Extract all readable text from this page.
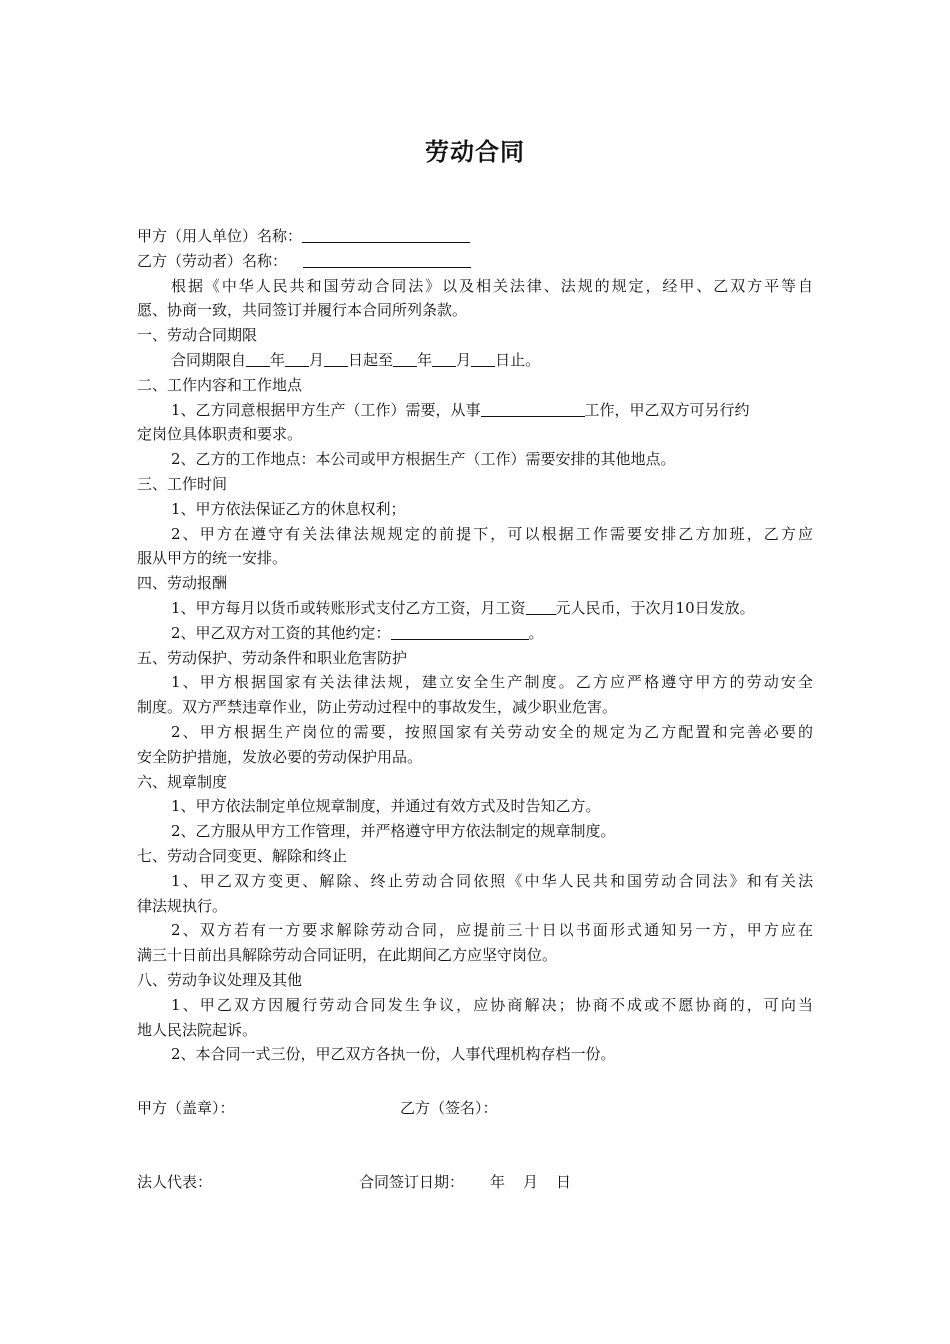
劳动合同
甲方（用人单位）名称：
乙方（劳动者）名称：
根据《中华人民共和国劳动合同法》以及相关法律、法规的规定，经甲、乙双方平等自
愿、协商一致，共同签订并履行本合同所列条款。
一、劳动合同期限
合同期限自 年 月 日起至 年 月 日止。
二、工作内容和工作地点
1、乙方同意根据甲方生产（工作）需要，从事	工作，甲乙双方可另行约
定岗位具体职责和要求。
2、乙方的工作地点：本公司或甲方根据生产（工作）需要安排的其他地点。
三、工作时间
1、甲方依法保证乙方的休息权利；
2、甲方在遵守有关法律法规规定的前提下，可以根据工作需要安排乙方加班，乙方应
服从甲方的统一安排。
四、劳动报酬
1、甲方每月以货币或转账形式支付乙方工资，月工资 元人民币，于次月10日发放。
2、甲乙双方对工资的其他约定：	。
五、劳动保护、劳动条件和职业危害防护
1、甲方根据国家有关法律法规，建立安全生产制度。乙方应严格遵守甲方的劳动安全
制度。双方严禁违章作业，防止劳动过程中的事故发生，减少职业危害。
2、甲方根据生产岗位的需要，按照国家有关劳动安全的规定为乙方配置和完善必要的
安全防护措施，发放必要的劳动保护用品。
六、规章制度
1、甲方依法制定单位规章制度，并通过有效方式及时告知乙方。
2、乙方服从甲方工作管理，并严格遵守甲方依法制定的规章制度。
七、劳动合同变更、解除和终止
1、甲乙双方变更、解除、终止劳动合同依照《中华人民共和国劳动合同法》和有关法
律法规执行。
2、双方若有一方要求解除劳动合同，应提前三十日以书面形式通知另一方，甲方应在
满三十日前出具解除劳动合同证明，在此期间乙方应坚守岗位。
八、劳动争议处理及其他
1、甲乙双方因履行劳动合同发生争议，应协商解决；协商不成或不愿协商的，可向当
地人民法院起诉。
2、本合同一式三份，甲乙双方各执一份，人事代理机构存档一份。
甲方（盖章）：	乙方（签名）：
法人代表：	合同签订日期： 年 月 日
